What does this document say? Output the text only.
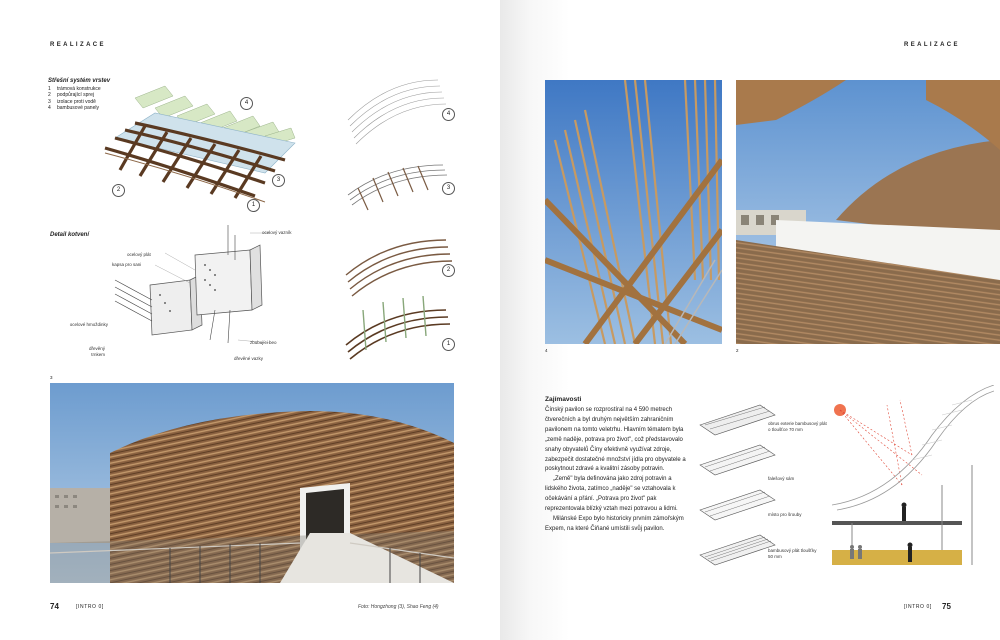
REALIZACE
Střešní systém vrstev
1 trámová konstrukce
2 podpůrající sprej
3 izolace proti vodě
4 bambusové panely
4
3
2
1
4
3
2
1
Detail kotvení
ocelový plát
kapsa pro sani
ocelové hmoždinky
dřevěný trnkem
ocelový vazník
zbubujíci beo
dřevěné vazky
3
74	[INTRO 0]	Foto: Hongzhong (3), Shao Feng (4)
REALIZACE
4	2
Zajímavosti

Čínský pavilon se rozprostíral na 4 590 metrech čtverečních a byl druhým největším zahraničním pavilonem na tomto veletrhu. Hlavním tématem byla „země naděje, potrava pro život", což představovalo snahy obyvatelů Číny efektivně využívat zdroje, zabezpečit dostatečné množství jídla pro obyvatele a poskytnout zdravé a kvalitní zásoby potravin.

„Země" byla definována jako zdroj potravin a lidského života, zatímco „naděje" se vztahovala k očekávání a přání. „Potrava pro život" pak reprezentovala blízký vztah mezi potravou a lidmi.

Milánské Expo bylo historicky prvním zámořským Expem, na které Čiňané umístili svůj pavilon.

obrus exterie bambusový plát o tloušťce 70 mm
falešový sám
místo pro šrouby
bambusový plát tloušťky 50 mm
[INTRO 0] 75
